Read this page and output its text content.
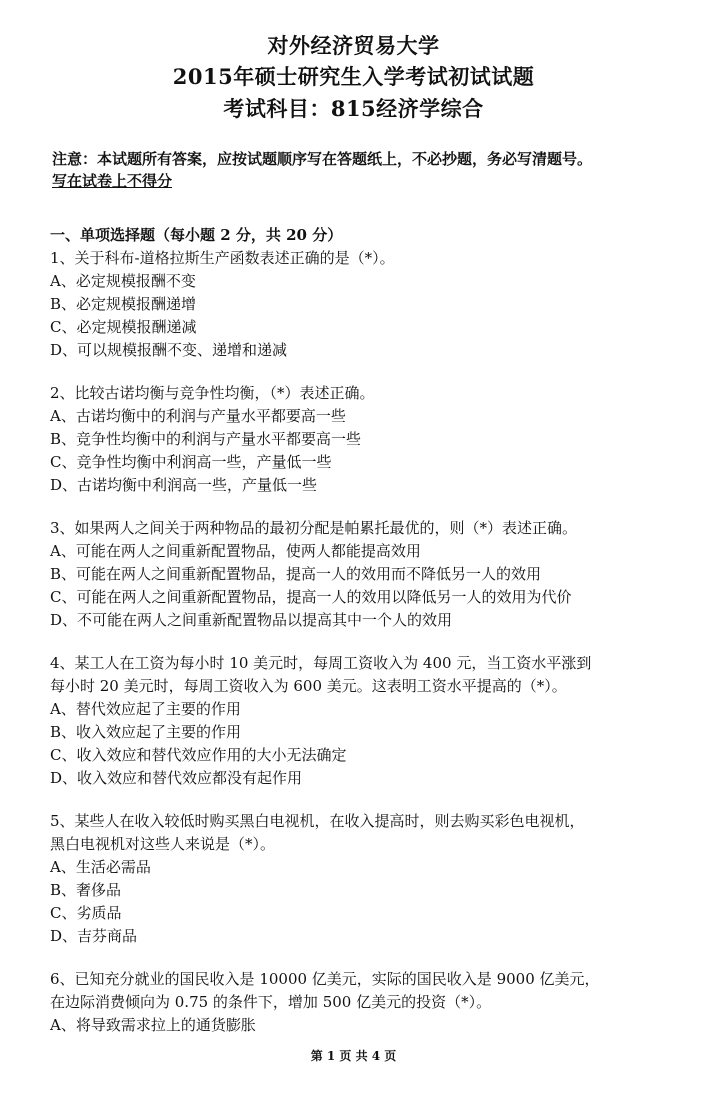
对外经济贸易大学
2015年硕士研究生入学考试初试试题
考试科目：815经济学综合
注意：本试题所有答案，应按试题顺序写在答题纸上，不必抄题，务必写清题号。
写在试卷上不得分
一、单项选择题（每小题 2 分，共 20 分）
1、关于科布-道格拉斯生产函数表述正确的是（*）。
A、必定规模报酬不变
B、必定规模报酬递增
C、必定规模报酬递减
D、可以规模报酬不变、递增和递减
2、比较古诺均衡与竞争性均衡，（*）表述正确。
A、古诺均衡中的利润与产量水平都要高一些
B、竞争性均衡中的利润与产量水平都要高一些
C、竞争性均衡中利润高一些，产量低一些
D、古诺均衡中利润高一些，产量低一些
3、如果两人之间关于两种物品的最初分配是帕累托最优的，则（*）表述正确。
A、可能在两人之间重新配置物品，使两人都能提高效用
B、可能在两人之间重新配置物品，提高一人的效用而不降低另一人的效用
C、可能在两人之间重新配置物品，提高一人的效用以降低另一人的效用为代价
D、不可能在两人之间重新配置物品以提高其中一个人的效用
4、某工人在工资为每小时 10 美元时，每周工资收入为 400 元，当工资水平涨到
每小时 20 美元时，每周工资收入为 600 美元。这表明工资水平提高的（*）。
A、替代效应起了主要的作用
B、收入效应起了主要的作用
C、收入效应和替代效应作用的大小无法确定
D、收入效应和替代效应都没有起作用
5、某些人在收入较低时购买黑白电视机，在收入提高时，则去购买彩色电视机，
黑白电视机对这些人来说是（*）。
A、生活必需品
B、奢侈品
C、劣质品
D、吉芬商品
6、已知充分就业的国民收入是 10000 亿美元，实际的国民收入是 9000 亿美元，
在边际消费倾向为 0.75 的条件下，增加 500 亿美元的投资（*）。
A、将导致需求拉上的通货膨胀
第 1 页 共 4 页
